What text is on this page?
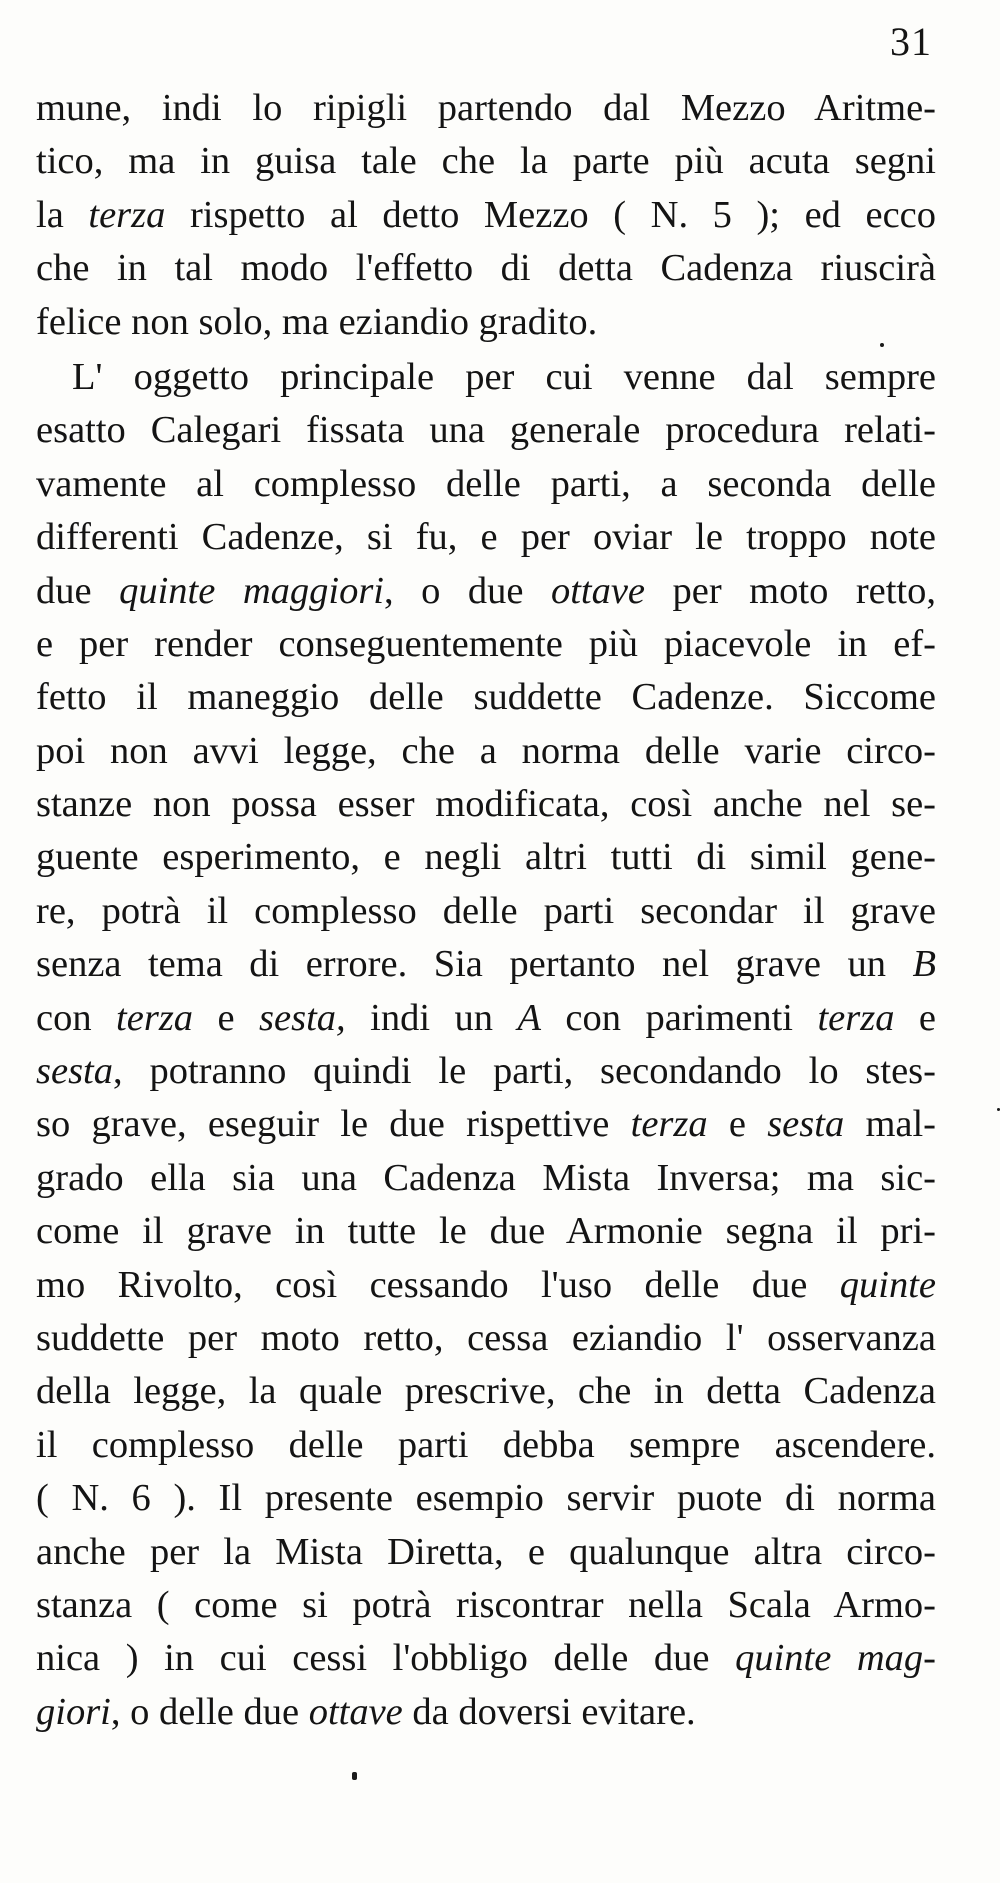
31
mune, indi lo ripigli partendo dal Mezzo Aritme-
tico, ma in guisa tale che la parte più acuta segni
la terza rispetto al detto Mezzo ( N. 5 ); ed ecco
che in tal modo l'effetto di detta Cadenza riuscirà
felice non solo, ma eziandio gradito.
L' oggetto principale per cui venne dal sempre
esatto Calegari fissata una generale procedura relati-
vamente al complesso delle parti, a seconda delle
differenti Cadenze, si fu, e per oviar le troppo note
due quinte maggiori, o due ottave per moto retto,
e per render conseguentemente più piacevole in ef-
fetto il maneggio delle suddette Cadenze. Siccome
poi non avvi legge, che a norma delle varie circo-
stanze non possa esser modificata, così anche nel se-
guente esperimento, e negli altri tutti di simil gene-
re, potrà il complesso delle parti secondar il grave
senza tema di errore. Sia pertanto nel grave un B
con terza e sesta, indi un A con parimenti terza e
sesta, potranno quindi le parti, secondando lo stes-
so grave, eseguir le due rispettive terza e sesta mal-
grado ella sia una Cadenza Mista Inversa; ma sic-
come il grave in tutte le due Armonie segna il pri-
mo Rivolto, così cessando l'uso delle due quinte
suddette per moto retto, cessa eziandio l' osservanza
della legge, la quale prescrive, che in detta Cadenza
il complesso delle parti debba sempre ascendere.
( N. 6 ). Il presente esempio servir puote di norma
anche per la Mista Diretta, e qualunque altra circo-
stanza ( come si potrà riscontrar nella Scala Armo-
nica ) in cui cessi l'obbligo delle due quinte mag-
giori, o delle due ottave da doversi evitare.
